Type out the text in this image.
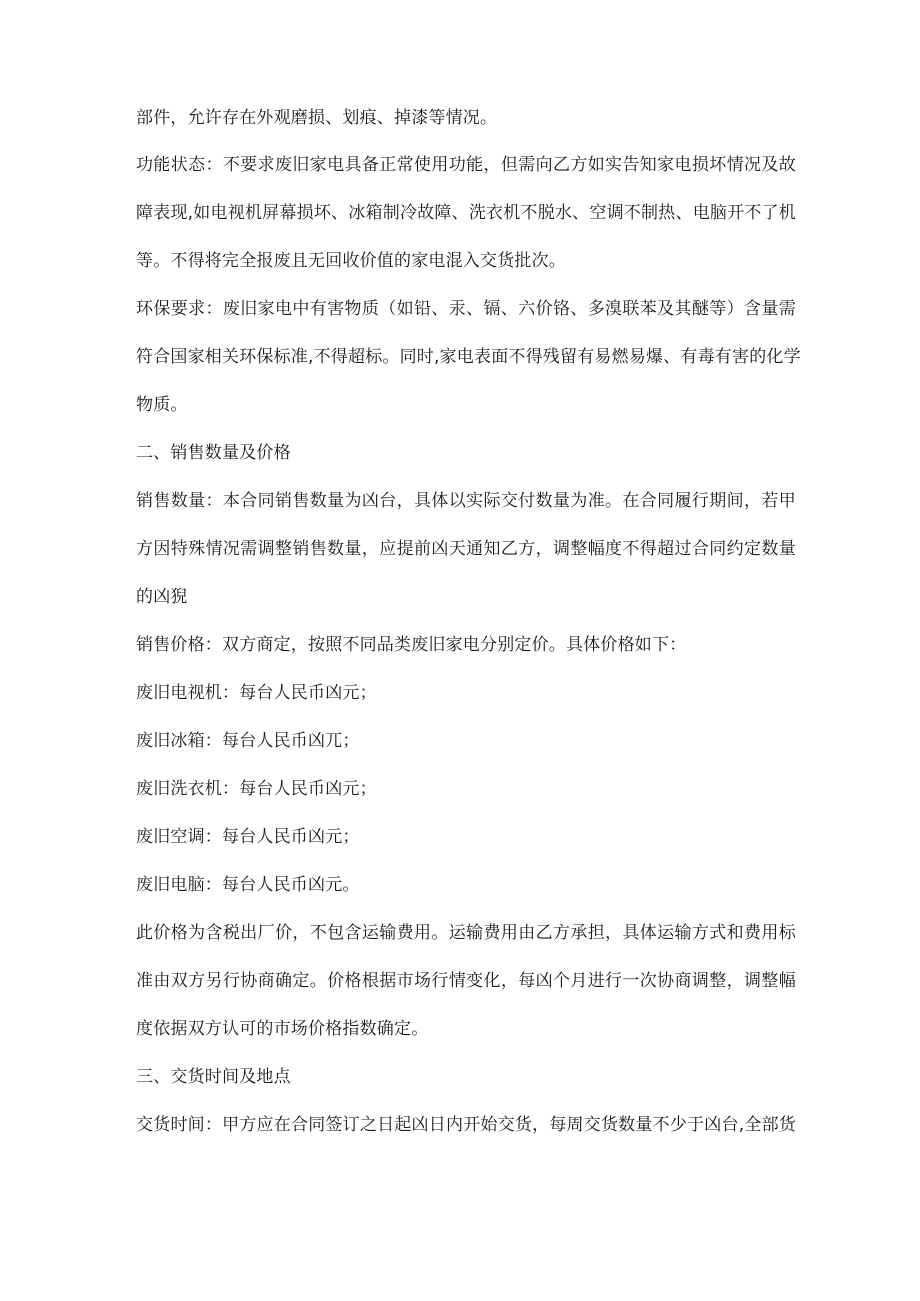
部件，允许存在外观磨损、划痕、掉漆等情况。
功能状态：不要求废旧家电具备正常使用功能，但需向乙方如实告知家电损坏情况及故
障表现,如电视机屏幕损坏、冰箱制冷故障、洗衣机不脱水、空调不制热、电脑开不了机
等。不得将完全报废且无回收价值的家电混入交货批次。
环保要求：废旧家电中有害物质（如铅、汞、镉、六价铬、多溴联苯及其醚等）含量需
符合国家相关环保标准,不得超标。同时,家电表面不得残留有易燃易爆、有毒有害的化学
物质。
二、销售数量及价格
销售数量：本合同销售数量为凶台，具体以实际交付数量为准。在合同履行期间，若甲
方因特殊情况需调整销售数量，应提前凶天通知乙方，调整幅度不得超过合同约定数量
的凶猊
销售价格：双方商定，按照不同品类废旧家电分别定价。具体价格如下：
废旧电视机：每台人民币凶元；
废旧冰箱：每台人民币凶兀；
废旧洗衣机：每台人民币凶元；
废旧空调：每台人民币凶元；
废旧电脑：每台人民币凶元。
此价格为含税出厂价，不包含运输费用。运输费用由乙方承担，具体运输方式和费用标
准由双方另行协商确定。价格根据市场行情变化，每凶个月进行一次协商调整，调整幅
度依据双方认可的市场价格指数确定。
三、交货时间及地点
交货时间：甲方应在合同签订之日起凶日内开始交货，每周交货数量不少于凶台,全部货
